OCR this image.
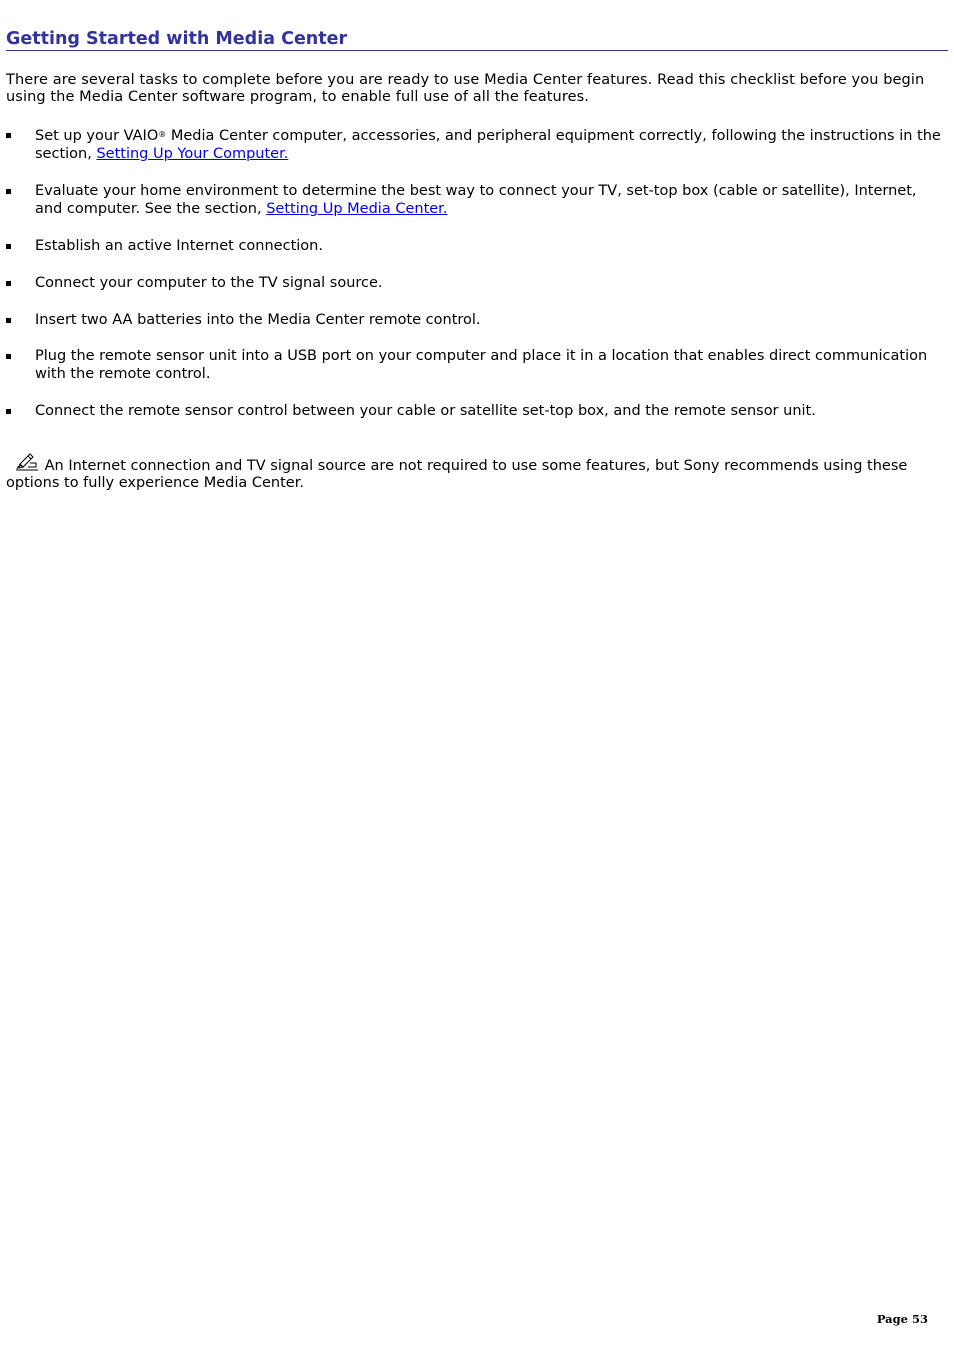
Getting Started with Media Center

There are several tasks to complete before you are ready to use Media Center features. Read this checklist before you begin using the Media Center software program, to enable full use of all the features.

Set up your VAIO® Media Center computer, accessories, and peripheral equipment correctly, following the instructions in the section, Setting Up Your Computer.
Evaluate your home environment to determine the best way to connect your TV, set-top box (cable or satellite), Internet, and computer. See the section, Setting Up Media Center.
Establish an active Internet connection.
Connect your computer to the TV signal source.
Insert two AA batteries into the Media Center remote control.
Plug the remote sensor unit into a USB port on your computer and place it in a location that enables direct communication with the remote control.
Connect the remote sensor control between your cable or satellite set-top box, and the remote sensor unit.

An Internet connection and TV signal source are not required to use some features, but Sony recommends using these options to fully experience Media Center.

Page 53
